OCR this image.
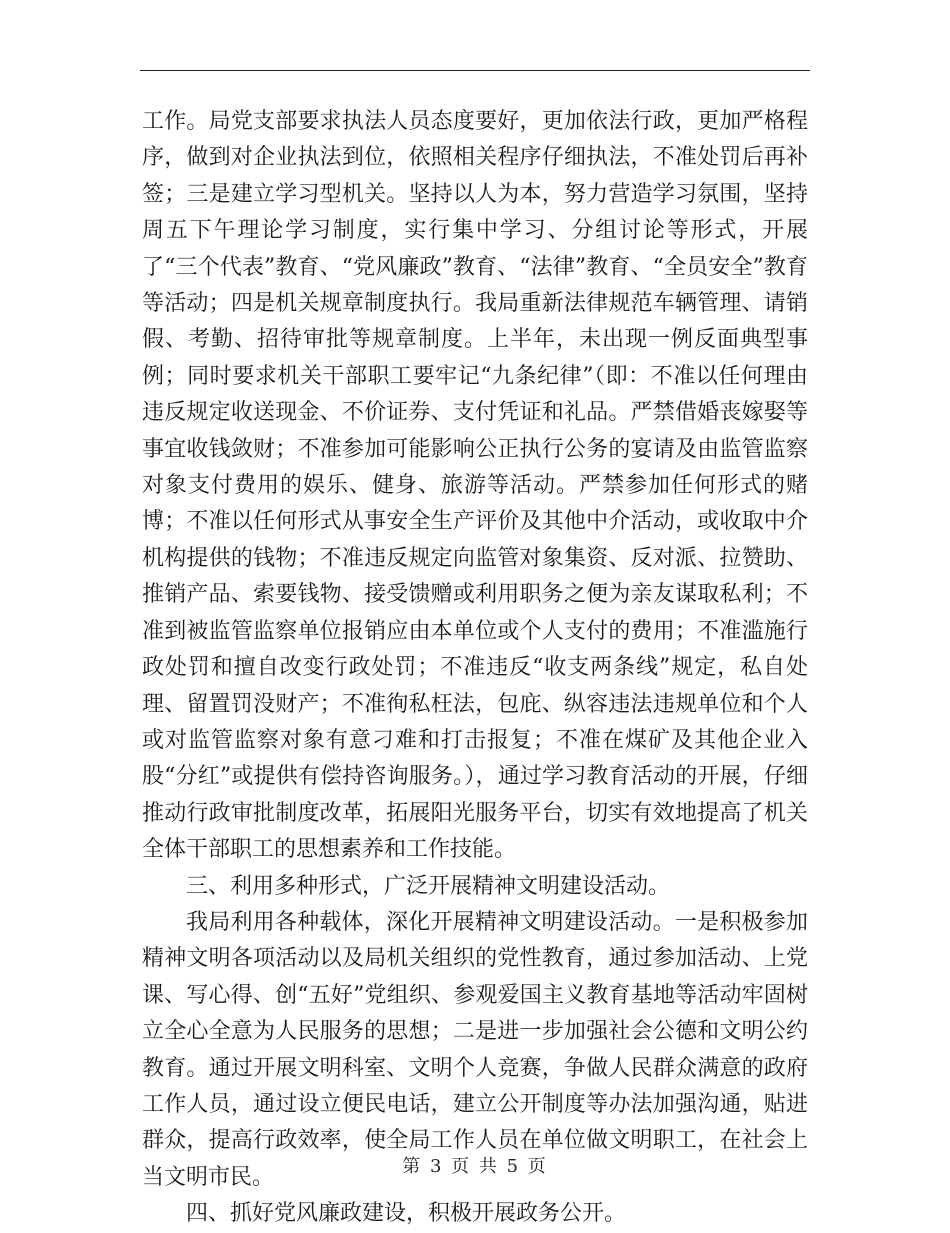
工作。局党支部要求执法人员态度要好，更加依法行政，更加严格程序，做到对企业执法到位，依照相关程序仔细执法，不准处罚后再补签；三是建立学习型机关。坚持以人为本，努力营造学习氛围，坚持周五下午理论学习制度，实行集中学习、分组讨论等形式，开展了“三个代表”教育、“党风廉政”教育、“法律”教育、“全员安全”教育等活动；四是机关规章制度执行。我局重新法律规范车辆管理、请销假、考勤、招待审批等规章制度。上半年，未出现一例反面典型事例；同时要求机关干部职工要牢记“九条纪律”（即：不准以任何理由违反规定收送现金、不价证券、支付凭证和礼品。严禁借婚丧嫁娶等事宜收钱敛财；不准参加可能影响公正执行公务的宴请及由监管监察对象支付费用的娱乐、健身、旅游等活动。严禁参加任何形式的赌博；不准以任何形式从事安全生产评价及其他中介活动，或收取中介机构提供的钱物；不准违反规定向监管对象集资、反对派、拉赞助、推销产品、索要钱物、接受馈赠或利用职务之便为亲友谋取私利；不准到被监管监察单位报销应由本单位或个人支付的费用；不准滥施行政处罚和擅自改变行政处罚；不准违反“收支两条线”规定，私自处理、留置罚没财产；不准徇私枉法，包庇、纵容违法违规单位和个人或对监管监察对象有意刁难和打击报复；不准在煤矿及其他企业入股“分红”或提供有偿持咨询服务。），通过学习教育活动的开展，仔细推动行政审批制度改革，拓展阳光服务平台，切实有效地提高了机关全体干部职工的思想素养和工作技能。

三、利用多种形式，广泛开展精神文明建设活动。

我局利用各种载体，深化开展精神文明建设活动。一是积极参加精神文明各项活动以及局机关组织的党性教育，通过参加活动、上党课、写心得、创“五好”党组织、参观爱国主义教育基地等活动牢固树立全心全意为人民服务的思想；二是进一步加强社会公德和文明公约教育。通过开展文明科室、文明个人竞赛，争做人民群众满意的政府工作人员，通过设立便民电话，建立公开制度等办法加强沟通，贴进群众，提高行政效率，使全局工作人员在单位做文明职工，在社会上当文明市民。

四、抓好党风廉政建设，积极开展政务公开。

第 3 页 共 5 页
